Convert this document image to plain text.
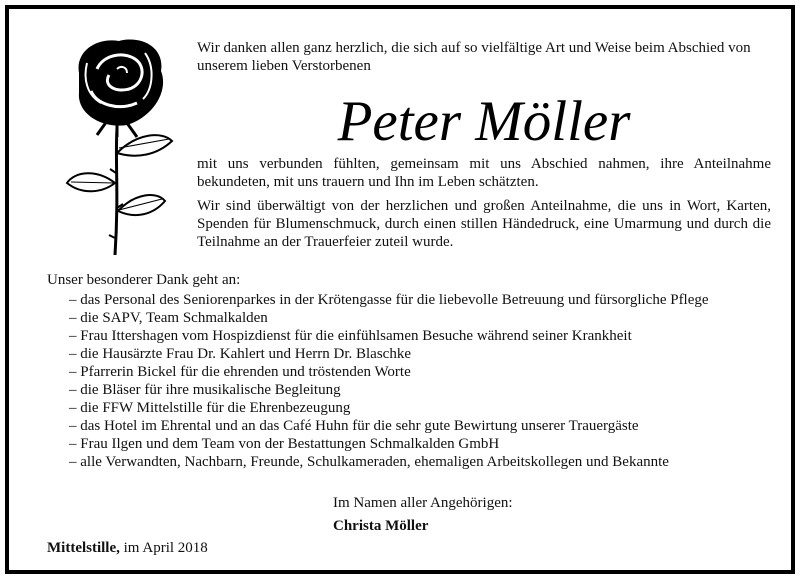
Wir danken allen ganz herzlich, die sich auf so vielfältige Art und Weise beim Abschied von unserem lieben Verstorbenen
Peter Möller
mit uns verbunden fühlten, gemeinsam mit uns Abschied nahmen, ihre Anteilnahme bekundeten, mit uns trauern und Ihn im Leben schätzten.
Wir sind überwältigt von der herzlichen und großen Anteilnahme, die uns in Wort, Karten, Spenden für Blumenschmuck, durch einen stillen Händedruck, eine Umarmung und durch die Teilnahme an der Trauerfeier zuteil wurde.
Unser besonderer Dank geht an:
– das Personal des Seniorenparkes in der Krötengasse für die liebevolle Betreuung und fürsorgliche Pflege
– die SAPV, Team Schmalkalden
– Frau Ittershagen vom Hospizdienst für die einfühlsamen Besuche während seiner Krankheit
– die Hausärzte Frau Dr. Kahlert und Herrn Dr. Blaschke
– Pfarrerin Bickel für die ehrenden und tröstenden Worte
– die Bläser für ihre musikalische Begleitung
– die FFW Mittelstille für die Ehrenbezeugung
– das Hotel im Ehrental und an das Café Huhn für die sehr gute Bewirtung unserer Trauergäste
– Frau Ilgen und dem Team von der Bestattungen Schmalkalden GmbH
– alle Verwandten, Nachbarn, Freunde, Schulkameraden, ehemaligen Arbeitskollegen und Bekannte
Im Namen aller Angehörigen:
Christa Möller
Mittelstille, im April 2018
